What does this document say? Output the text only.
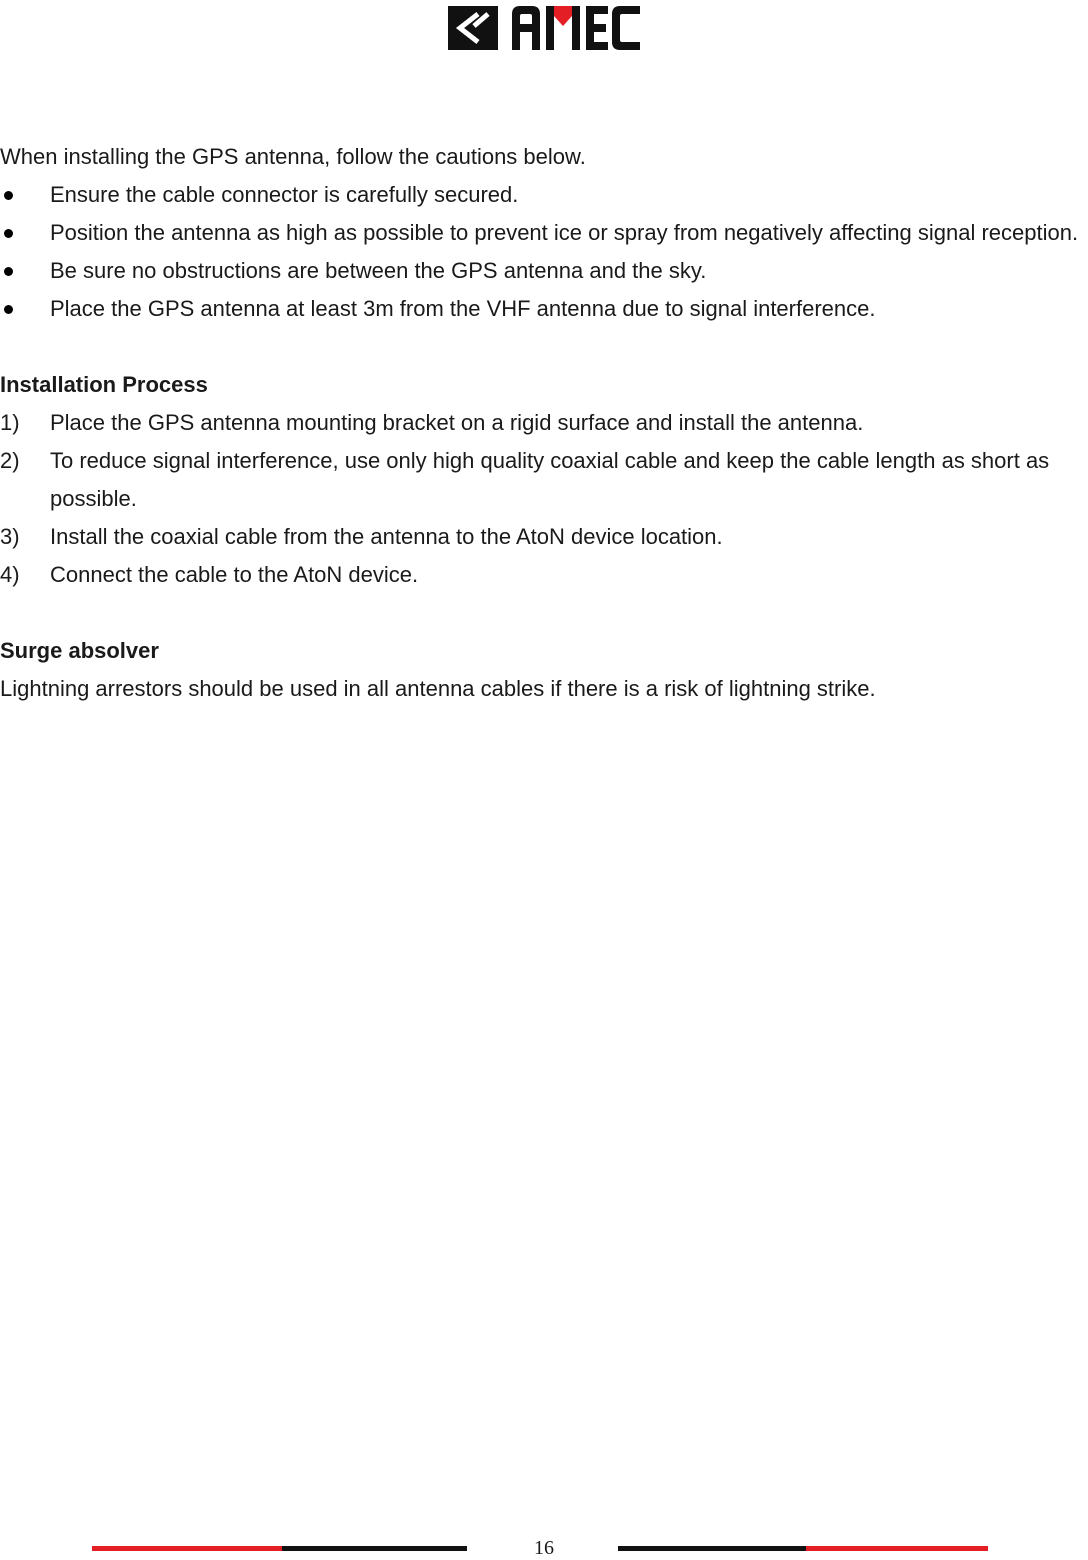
When installing the GPS antenna, follow the cautions below.

Ensure the cable connector is carefully secured.
Position the antenna as high as possible to prevent ice or spray from negatively affecting signal reception.
Be sure no obstructions are between the GPS antenna and the sky.
Place the GPS antenna at least 3m from the VHF antenna due to signal interference.

Installation Process

1) Place the GPS antenna mounting bracket on a rigid surface and install the antenna.
2) To reduce signal interference, use only high quality coaxial cable and keep the cable length as short as possible.
3) Install the coaxial cable from the antenna to the AtoN device location.
4) Connect the cable to the AtoN device.

Surge absolver

Lightning arrestors should be used in all antenna cables if there is a risk of lightning strike.

16
